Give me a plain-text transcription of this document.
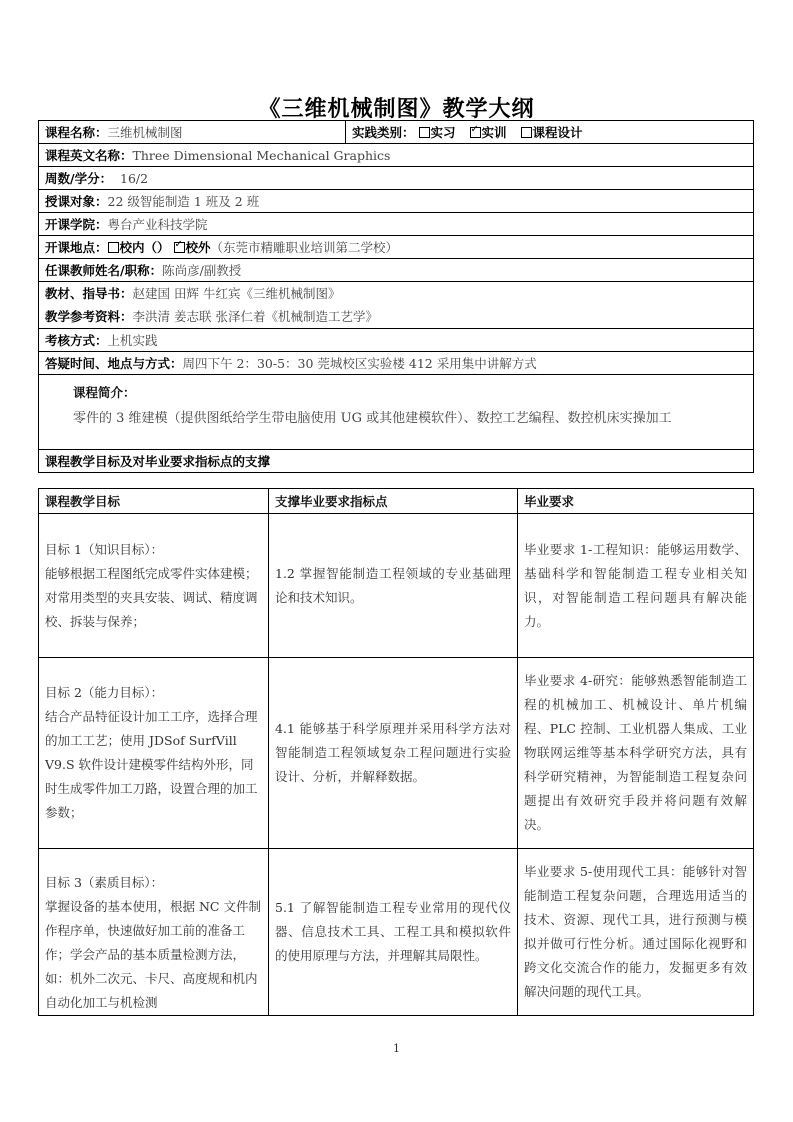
《三维机械制图》教学大纲
课程名称：三维机械制图	实践类别： 实习 ✓ 实训 课程设计
课程英文名称：Three Dimensional Mechanical Graphics
周数/学分： 16/2
授课对象：22 级智能制造 1 班及 2 班
开课学院：粤台产业科技学院
开课地点： 校内（） ✓ 校外（东莞市精雕职业培训第二学校）
任课教师姓名/职称：陈尚彦/副教授

教材、指导书：赵建国 田辉 牛红宾《三维机械制图》
教学参考资料：李洪清 姜志联 张泽仁着《机械制造工艺学》

考核方式：上机实践
答疑时间、地点与方式：周四下午 2：30-5：30 莞城校区实验楼 412 采用集中讲解方式

课程简介：
零件的 3 维建模（提供图纸给学生带电脑使用 UG 或其他建模软件）、数控工艺编程、数控机床实操加工

课程教学目标及对毕业要求指标点的支撑
课程教学目标	支撑毕业要求指标点	毕业要求

目标 1（知识目标）：
能够根据工程图纸完成零件实体建模；对常用类型的夹具安装、调试、精度调校、拆装与保养；	1.2 掌握智能制造工程领域的专业基础理论和技术知识。	毕业要求 1-工程知识：能够运用数学、基础科学和智能制造工程专业相关知识，对智能制造工程问题具有解决能力。

目标 2（能力目标）：
结合产品特征设计加工工序，选择合理的加工工艺；使用 JDSof SurfVill V9.S 软件设计建模零件结构外形，同时生成零件加工刀路，设置合理的加工参数；	4.1 能够基于科学原理并采用科学方法对智能制造工程领域复杂工程问题进行实验设计、分析，并解释数据。	毕业要求 4-研究：能够熟悉智能制造工程的机械加工、机械设计、单片机编程、PLC 控制、工业机器人集成、工业物联网运维等基本科学研究方法，具有科学研究精神，为智能制造工程复杂问题提出有效研究手段并将问题有效解决。

目标 3（素质目标）：
掌握设备的基本使用，根据 NC 文件制作程序单，快速做好加工前的准备工作；学会产品的基本质量检测方法，如：机外二次元、卡尺、高度规和机内自动化加工与机检测	5.1 了解智能制造工程专业常用的现代仪器、信息技术工具、工程工具和模拟软件的使用原理与方法，并理解其局限性。	毕业要求 5-使用现代工具：能够针对智能制造工程复杂问题，合理选用适当的技术、资源、现代工具，进行预测与模拟并做可行性分析。通过国际化视野和跨文化交流合作的能力，发掘更多有效解决问题的现代工具。
1
